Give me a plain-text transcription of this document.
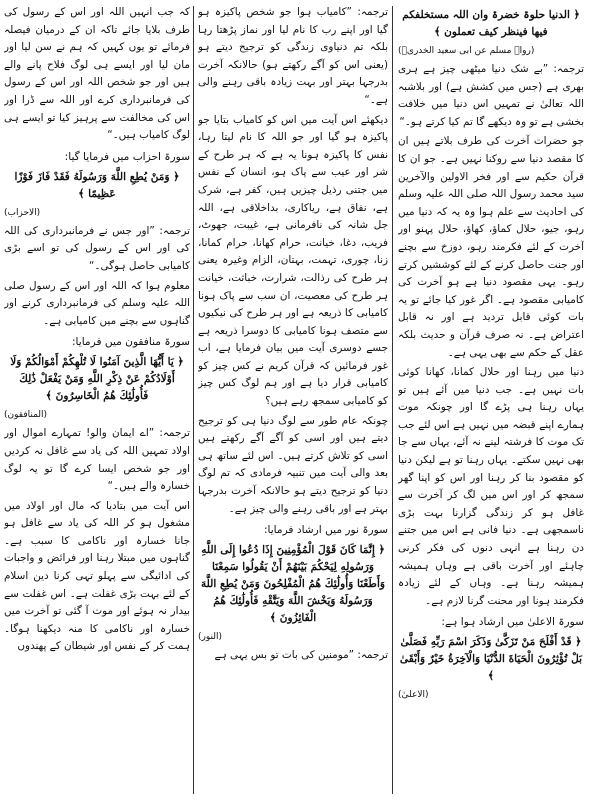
﴿ الدنیا حلوۃ خضرۃ وان اللہ مستخلفکم فیھا فینظر کیف تعملون ﴾

(رواہ مسلم عن ابی سعید الخدریؓ)

ترجمہ: ”بے شک دنیا میٹھی چیز ہے ہری بھری ہے (جس میں کشش ہے) اور بلاشبہ اللہ تعالیٰ نے تمہیں اس دنیا میں خلافت بخشی ہے تو وہ دیکھے گا تم کیا کرتے ہو۔“

جو حضرات آخرت کی طرف بلاتے ہیں ان کا مقصد دنیا سے روکنا نہیں ہے۔ جو ان کا قرآن حکیم سے اور فخر الاولین والآخرین سید محمد رسول اللہ صلی اللہ علیہ وسلم کی احادیث سے علم ہوا وہ یہ کہ دنیا میں رہو، جیو، حلال کماؤ، کھاؤ، حلال پہنو اور آخرت کے لئے فکرمند رہو، دوزخ سے بچنے اور جنت حاصل کرنے کے لئے کوششیں کرتے رہو۔ یہی مقصود دنیا ہے ہو آخرت کی کامیابی مقصود ہے۔ اگر غور کیا جائے تو یہ بات کوئی قابل تردید ہے اور نہ قابل اعتراض ہے۔ نہ صرف قرآن و حدیث بلکہ عقل کے حکم سے بھی یہی ہے۔

دنیا میں رہنا اور حلال کمانا، کھانا کوئی بات نہیں ہے۔ جب دنیا میں آئے ہیں تو یہاں رہنا ہی پڑے گا اور چونکہ موت ہمارے اپنے قبضہ میں نہیں ہے اس لئے جب تک موت کا فرشتہ لینے نہ آئے، یہاں سے جا بھی نہیں سکتے۔ یہاں رہنا تو ہے لیکن دنیا کو مقصود بنا کر رہنا اور اس کو اپنا گھر سمجھ کر اور اس میں لگ کر آخرت سے غافل ہو کر زندگی گزارنا بہت بڑی ناسمجھی ہے۔ دنیا فانی ہے اس میں جتنے دن رہنا ہے انہی دنوں کی فکر کرنی چاہئے اور آخرت باقی ہے وہاں ہمیشہ ہمیشہ رہنا ہے۔ وہاں کے لئے زیادہ فکرمند ہونا اور محنت گرنا لازم ہے۔

سورۃ الاعلیٰ میں ارشاد ہوا ہے:

﴿ قَدْ أَفْلَحَ مَنْ تَزَكَّىٰ وَذَكَرَ اسْمَ رَبِّهِ فَصَلَّىٰ بَلْ تُؤْثِرُونَ الْحَيَاةَ الدُّنْيَا وَالْآخِرَةُ خَيْرٌ وَأَبْقَىٰ ﴾

(الاعلیٰ)

ترجمہ: ”کامیاب ہوا جو شخص پاکیزہ ہو گیا اور اپنے رب کا نام لیا اور نماز پڑھتا رہا بلکہ تم دنیاوی زندگی کو ترجیح دیتے ہو (یعنی اس کو آگے رکھتے ہو) حالانکہ آخرت بدرجہا بہتر اور بہت زیادہ باقی رہنے والی ہے۔“

دیکھئے اس آیت میں اس کو کامیاب بتایا جو پاکیزہ ہو گیا اور جو اللہ کا نام لیتا رہا، نفس کا پاکیزہ ہونا یہ ہے کہ ہر طرح کے شر اور عیب سے پاک ہو، انسان کے نفس میں جتنی رذیل چیزیں ہیں، کفر ہے، شرک ہے، نفاق ہے، ریاکاری، بداخلاقی ہے، اللہ جل شانہ کی نافرمانی ہے، غیبت، جھوٹ، فریب، دغا، خیانت، حرام کھانا، حرام کمانا، زنا، چوری، تہمت، بہتان، الزام وغیرہ یعنی ہر طرح کی رذالت، شرارت، خباثت، خیانت ہر طرح کی معصیت، ان سب سے پاک ہونا کامیابی کا ذریعہ ہے اور ہر طرح کی نیکیوں سے متصف ہونا کامیابی کا دوسرا ذریعہ ہے جسے دوسری آیت میں بیان فرمایا ہے، اب غور فرمائیں کہ قرآن کریم نے کس چیز کو کامیابی قرار دیا ہے اور ہم لوگ کس چیز کو کامیابی سمجھ رہے ہیں؟

چونکہ عام طور سے لوگ دنیا ہی کو ترجیح دیتے ہیں اور اسی کو آگے آگے رکھتے ہیں اسی کو تلاش کرتے ہیں۔ اس لئے ساتھ ہی بعد والی آیت میں تنبیہ فرمادی کہ تم لوگ دنیا کو ترجیح دیتے ہو حالانکہ آخرت بدرجہا بہتر ہے اور باقی رہنے والی چیز ہے۔

سورۃ نور میں ارشاد فرمایا:

﴿ إِنَّمَا كَانَ قَوْلَ الْمُؤْمِنِينَ إِذَا دُعُوا إِلَى اللَّهِ وَرَسُولِهِ لِيَحْكُمَ بَيْنَهُمْ أَنْ يَقُولُوا سَمِعْنَا وَأَطَعْنَا وَأُولَٰئِكَ هُمُ الْمُفْلِحُونَ وَمَنْ يُطِعِ اللَّهَ وَرَسُولَهُ وَيَخْشَ اللَّهَ وَيَتَّقْهِ فَأُولَٰئِكَ هُمُ الْفَائِزُونَ ﴾

(النور)

ترجمہ: ”مومنین کی بات تو بس یہی ہے

کہ جب انہیں اللہ اور اس کے رسول کی طرف بلایا جائے تاکہ ان کے درمیان فیصلہ فرمائے تو یوں کہیں کہ ہم نے سن لیا اور مان لیا اور ایسے ہی لوگ فلاح پانے والے ہیں اور جو شخص اللہ اور اس کے رسول کی فرمانبرداری کرے اور اللہ سے ڈرا اور اس کی مخالفت سے پرہیز کیا تو ایسے ہی لوگ کامیاب ہیں۔“

سورۃ احزاب میں فرمایا گیا:

﴿ وَمَنْ يُطِعِ اللَّهَ وَرَسُولَهُ فَقَدْ فَازَ فَوْزًا عَظِيمًا ﴾

(الاحزاب)

ترجمہ: ”اور جس نے فرمانبرداری کی اللہ کی اور اس کے رسول کی تو اسے بڑی کامیابی حاصل ہوگی۔“

معلوم ہوا کہ اللہ اور اس کے رسول صلی اللہ علیہ وسلم کی فرمانبرداری کرنے اور گناہوں سے بچنے میں کامیابی ہے۔

سورۃ منافقون میں فرمایا:

﴿ يَا أَيُّهَا الَّذِينَ آمَنُوا لَا تُلْهِكُمْ أَمْوَالُكُمْ وَلَا أَوْلَادُكُمْ عَنْ ذِكْرِ اللَّهِ وَمَنْ يَفْعَلْ ذَٰلِكَ فَأُولَٰئِكَ هُمُ الْخَاسِرُونَ ﴾

(المنافقون)

ترجمہ: ”اے ایمان والو! تمہارے اموال اور اولاد تمہیں اللہ کی یاد سے غافل نہ کردیں اور جو شخص ایسا کرے گا تو یہ لوگ خسارہ والے ہیں۔“

اس آیت میں بتادیا کہ مال اور اولاد میں مشغول ہو کر اللہ کی یاد سے غافل ہو جانا خسارہ اور ناکامی کا سبب ہے۔ گناہوں میں مبتلا رہنا اور فرائض و واجبات کی ادائیگی سے پہلو تہی کرنا دین اسلام کے لئے بہت بڑی غفلت ہے۔ اس غفلت سے بیدار نہ ہوئے اور موت آ گئی تو آخرت میں خسارہ اور ناکامی کا منہ دیکھنا ہوگا۔ ہمت کر کے نفس اور شیطان کے پھندوں
